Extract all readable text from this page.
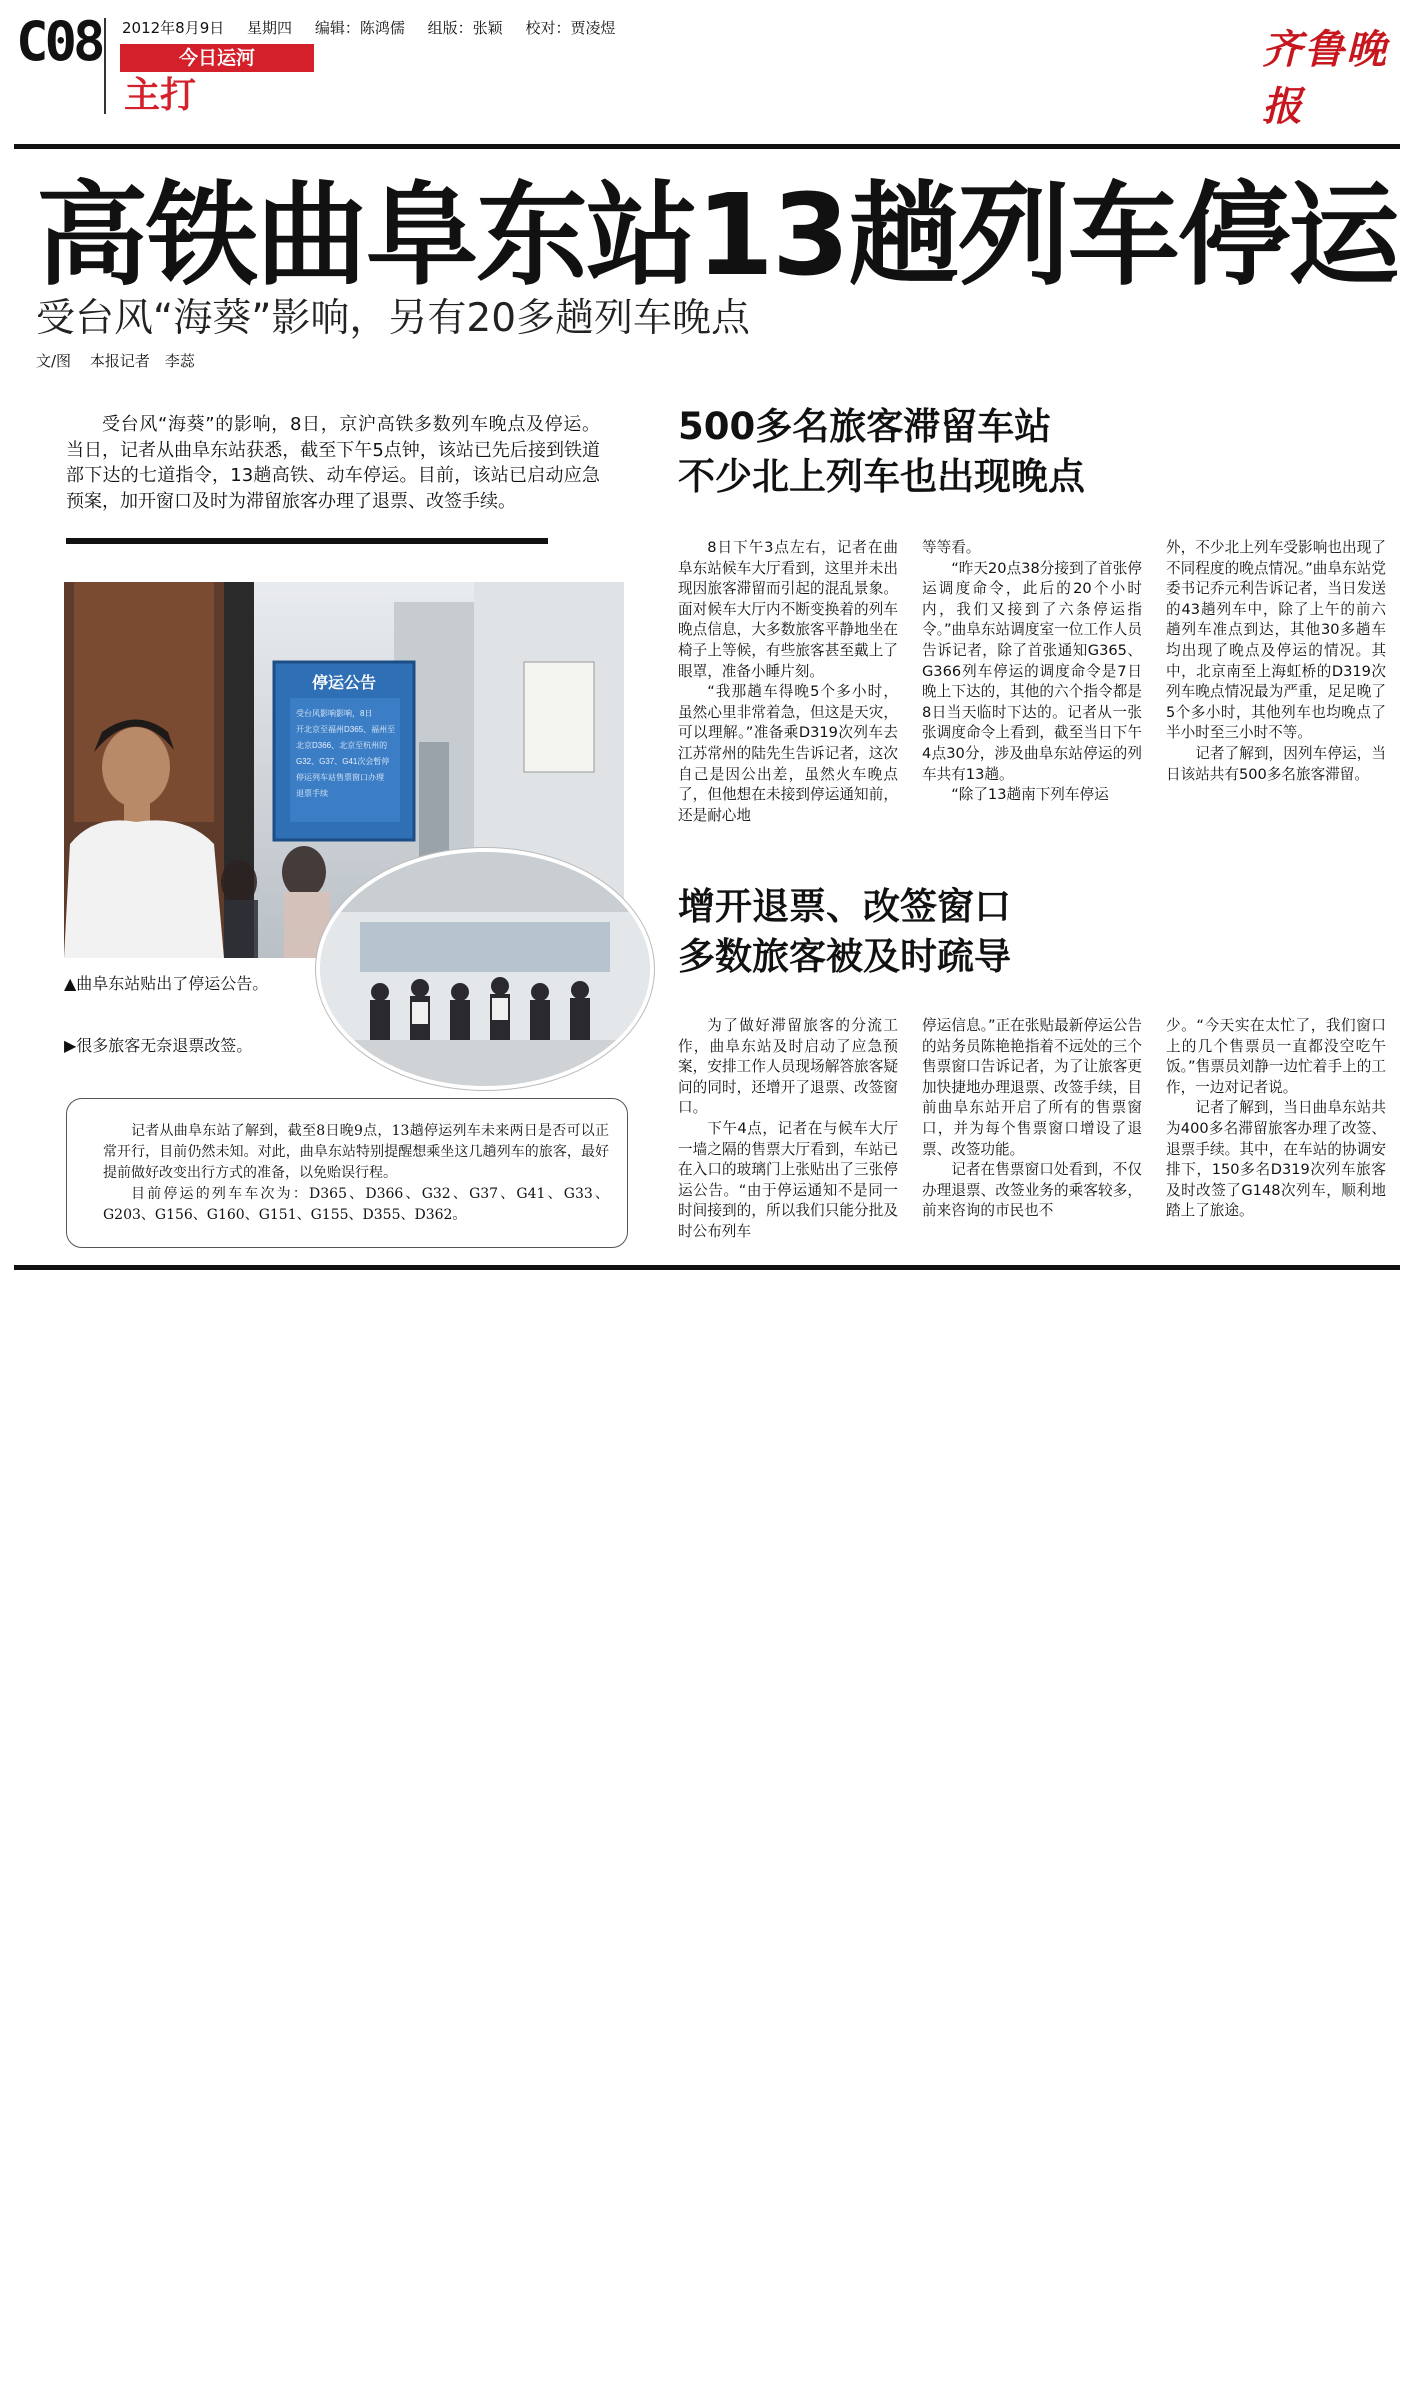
C08 2012年8月9日 星期四 编辑：陈鸿儒 组版：张颖 校对：贾凌煜
今日运河
主打
齐鲁晚报
高铁曲阜东站13趟列车停运
受台风“海葵”影响，另有20多趟列车晚点
文/图 本报记者　李蕊
受台风“海葵”的影响，8日，京沪高铁多数列车晚点及停运。当日，记者从曲阜东站获悉，截至下午5点钟，该站已先后接到铁道部下达的七道指令，13趟高铁、动车停运。目前，该站已启动应急预案，加开窗口及时为滞留旅客办理了退票、改签手续。
停运公告
受台风影响影响，8日
开北京至福州D365、福州至
北京D366、北京至杭州的
G32、G37、G41次会暂停
停运列车站售票窗口办理
退票手续
▲曲阜东站贴出了停运公告。
▶很多旅客无奈退票改签。

记者从曲阜东站了解到，截至8日晚9点，13趟停运列车未来两日是否可以正常开行，目前仍然未知。对此，曲阜东站特别提醒想乘坐这几趟列车的旅客，最好提前做好改变出行方式的准备，以免贻误行程。

目前停运的列车车次为：D365、D366、G32、G37、G41、G33、G203、G156、G160、G151、G155、D355、D362。

500多名旅客滞留车站
不少北上列车也出现晚点

8日下午3点左右，记者在曲阜东站候车大厅看到，这里并未出现因旅客滞留而引起的混乱景象。面对候车大厅内不断变换着的列车晚点信息，大多数旅客平静地坐在椅子上等候，有些旅客甚至戴上了眼罩，准备小睡片刻。

“我那趟车得晚5个多小时，虽然心里非常着急，但这是天灾，可以理解。”准备乘D319次列车去江苏常州的陆先生告诉记者，这次自己是因公出差，虽然火车晚点了，但他想在未接到停运通知前，还是耐心地

等等看。

“昨天20点38分接到了首张停运调度命令，此后的20个小时内，我们又接到了六条停运指令。”曲阜东站调度室一位工作人员告诉记者，除了首张通知G365、G366列车停运的调度命令是7日晚上下达的，其他的六个指令都是8日当天临时下达的。记者从一张张调度命令上看到，截至当日下午4点30分，涉及曲阜东站停运的列车共有13趟。

“除了13趟南下列车停运

外，不少北上列车受影响也出现了不同程度的晚点情况。”曲阜东站党委书记乔元利告诉记者，当日发送的43趟列车中，除了上午的前六趟列车准点到达，其他30多趟车均出现了晚点及停运的情况。其中，北京南至上海虹桥的D319次列车晚点情况最为严重，足足晚了5个多小时，其他列车也均晚点了半小时至三小时不等。

记者了解到，因列车停运，当日该站共有500多名旅客滞留。

增开退票、改签窗口
多数旅客被及时疏导

为了做好滞留旅客的分流工作，曲阜东站及时启动了应急预案，安排工作人员现场解答旅客疑问的同时，还增开了退票、改签窗口。

下午4点，记者在与候车大厅一墙之隔的售票大厅看到，车站已在入口的玻璃门上张贴出了三张停运公告。“由于停运通知不是同一时间接到的，所以我们只能分批及时公布列车

停运信息。”正在张贴最新停运公告的站务员陈艳艳指着不远处的三个售票窗口告诉记者，为了让旅客更加快捷地办理退票、改签手续，目前曲阜东站开启了所有的售票窗口，并为每个售票窗口增设了退票、改签功能。

记者在售票窗口处看到，不仅办理退票、改签业务的乘客较多，前来咨询的市民也不

少。“今天实在太忙了，我们窗口上的几个售票员一直都没空吃午饭。”售票员刘静一边忙着手上的工作，一边对记者说。

记者了解到，当日曲阜东站共为400多名滞留旅客办理了改签、退票手续。其中，在车站的协调安排下，150多名D319次列车旅客及时改签了G148次列车，顺利地踏上了旅途。
